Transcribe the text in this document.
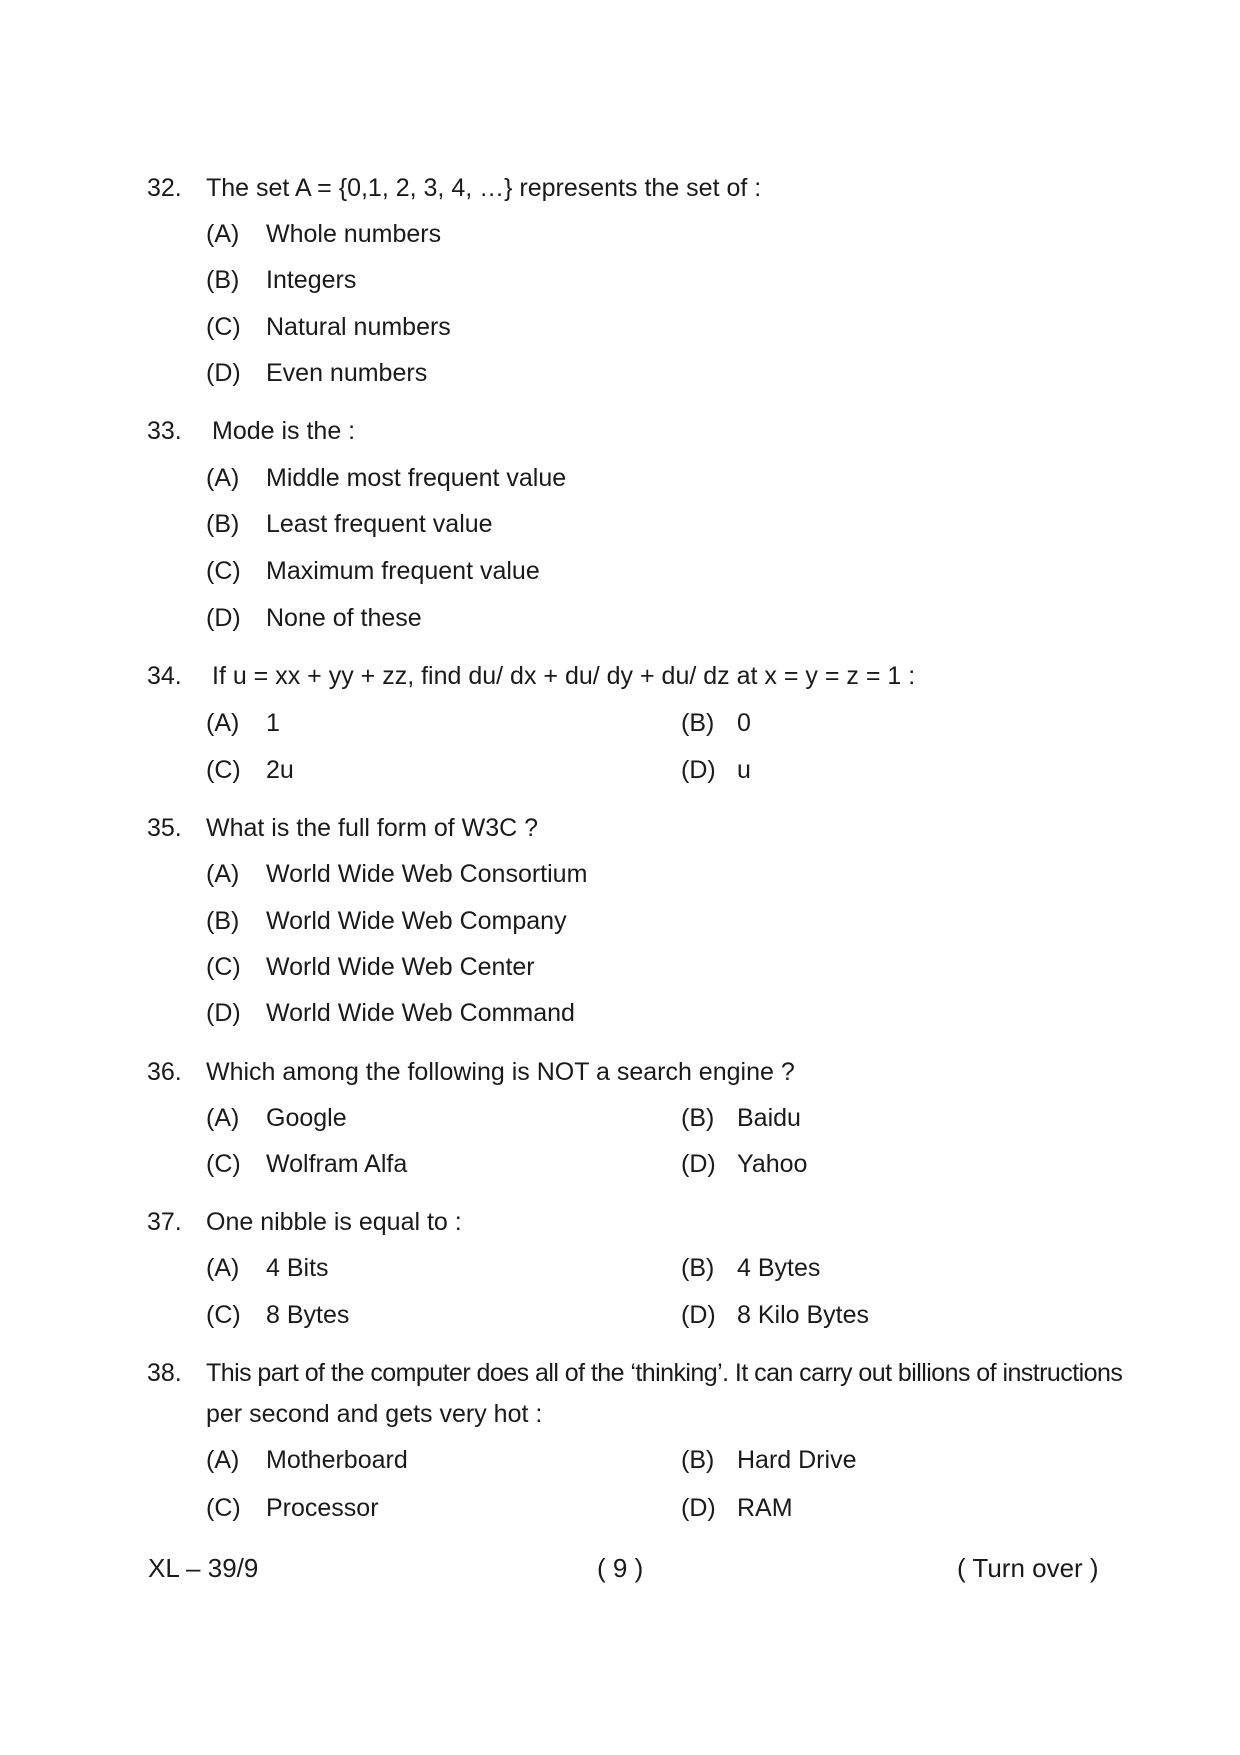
32. The set A = {0,1, 2, 3, 4, …} represents the set of :
(A) Whole numbers
(B) Integers
(C) Natural numbers
(D) Even numbers
33. Mode is the :
(A) Middle most frequent value
(B) Least frequent value
(C) Maximum frequent value
(D) None of these
34. If u = xx + yy + zz, find du/ dx + du/ dy + du/ dz at x = y = z = 1 :
(A) 1	(B) 0
(C) 2u	(D) u
35. What is the full form of W3C ?
(A) World Wide Web Consortium
(B) World Wide Web Company
(C) World Wide Web Center
(D) World Wide Web Command
36. Which among the following is NOT a search engine ?
(A) Google	(B) Baidu
(C) Wolfram Alfa	(D) Yahoo
37. One nibble is equal to :
(A) 4 Bits	(B) 4 Bytes
(C) 8 Bytes	(D) 8 Kilo Bytes
38. This part of the computer does all of the ‘thinking’. It can carry out billions of instructions
per second and gets very hot :
(A) Motherboard	(B) Hard Drive
(C) Processor	(D) RAM
XL – 39/9	( 9 )	( Turn over )
